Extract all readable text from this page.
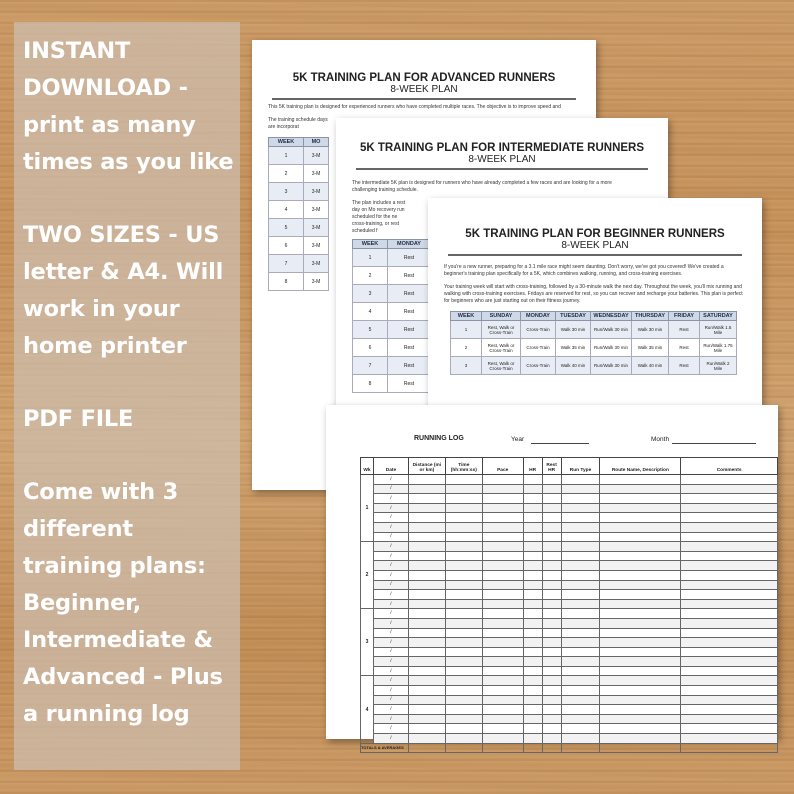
5K TRAINING PLAN FOR ADVANCED RUNNERS
8-WEEK PLAN
This 5K training plan is designed for experienced runners who have completed multiple races. The objective is to improve speed and
The training schedule days are incorporat
WEEK	MO
1	3-M
2	3-M
3	3-M
4	3-M
5	3-M
6	3-M
7	3-M
8	3-M
5K TRAINING PLAN FOR INTERMEDIATE RUNNERS
8-WEEK PLAN
The intermediate 5K plan is designed for runners who have already completed a few races and are looking for a more challenging training schedule.
The plan includes a rest day on Mo recovery run scheduled for the ne cross-training, or rest scheduled f
WEEK	MONDAY	
1	Rest	
2	Rest	
3	Rest	
4	Rest	
5	Rest	
6	Rest	
7	Rest	
8	Rest	
5K TRAINING PLAN FOR BEGINNER RUNNERS
8-WEEK PLAN
If you're a new runner, preparing for a 3.1 mile race might seem daunting. Don't worry, we've got you covered! We've created a beginner's training plan specifically for a 5K, which combines walking, running, and cross-training exercises.
Your training week will start with cross-training, followed by a 30-minute walk the next day. Throughout the week, you'll mix running and walking with cross-training exercises. Fridays are reserved for rest, so you can recover and recharge your batteries. This plan is perfect for beginners who are just starting out on their fitness journey.
WEEK	SUNDAY	MONDAY	TUESDAY	WEDNESDAY	THURSDAY	FRIDAY	SATURDAY
1	Rest, Walk or Cross-Train	Cross-Train	Walk 30 min	Run/Walk 30 min	Walk 30 min	Rest	Run/Walk 1.5 Mile
2	Rest, Walk or Cross-Train	Cross-Train	Walk 35 min	Run/Walk 30 min	Walk 35 min	Rest	Run/Walk 1.75 Mile
3	Rest, Walk or Cross-Train	Cross-Train	Walk 40 min	Run/Walk 30 min	Walk 40 min	Rest	Run/Walk 2 Mile
RUNNING LOG	Year	Month
Wk	Date	Distance (mi or km)	Time (hh:mm:ss)	Pace	HR	Rest HR	Run Type	Route Name, Description	Comments
1	/								
	/								
	/								
	/								
	/								
	/								
	/								
2	/								
	/								
	/								
	/								
	/								
	/								
	/								
3	/								
	/								
	/								
	/								
	/								
	/								
	/								
4	/								
	/								
	/								
	/								
	/								
	/								
	/								
TOTALS & AVERAGES									

INSTANT DOWNLOAD - print as many times as you like

TWO SIZES - US letter & A4. Will work in your home printer

PDF FILE

Come with 3 different training plans: Beginner, Intermediate & Advanced - Plus a running log
